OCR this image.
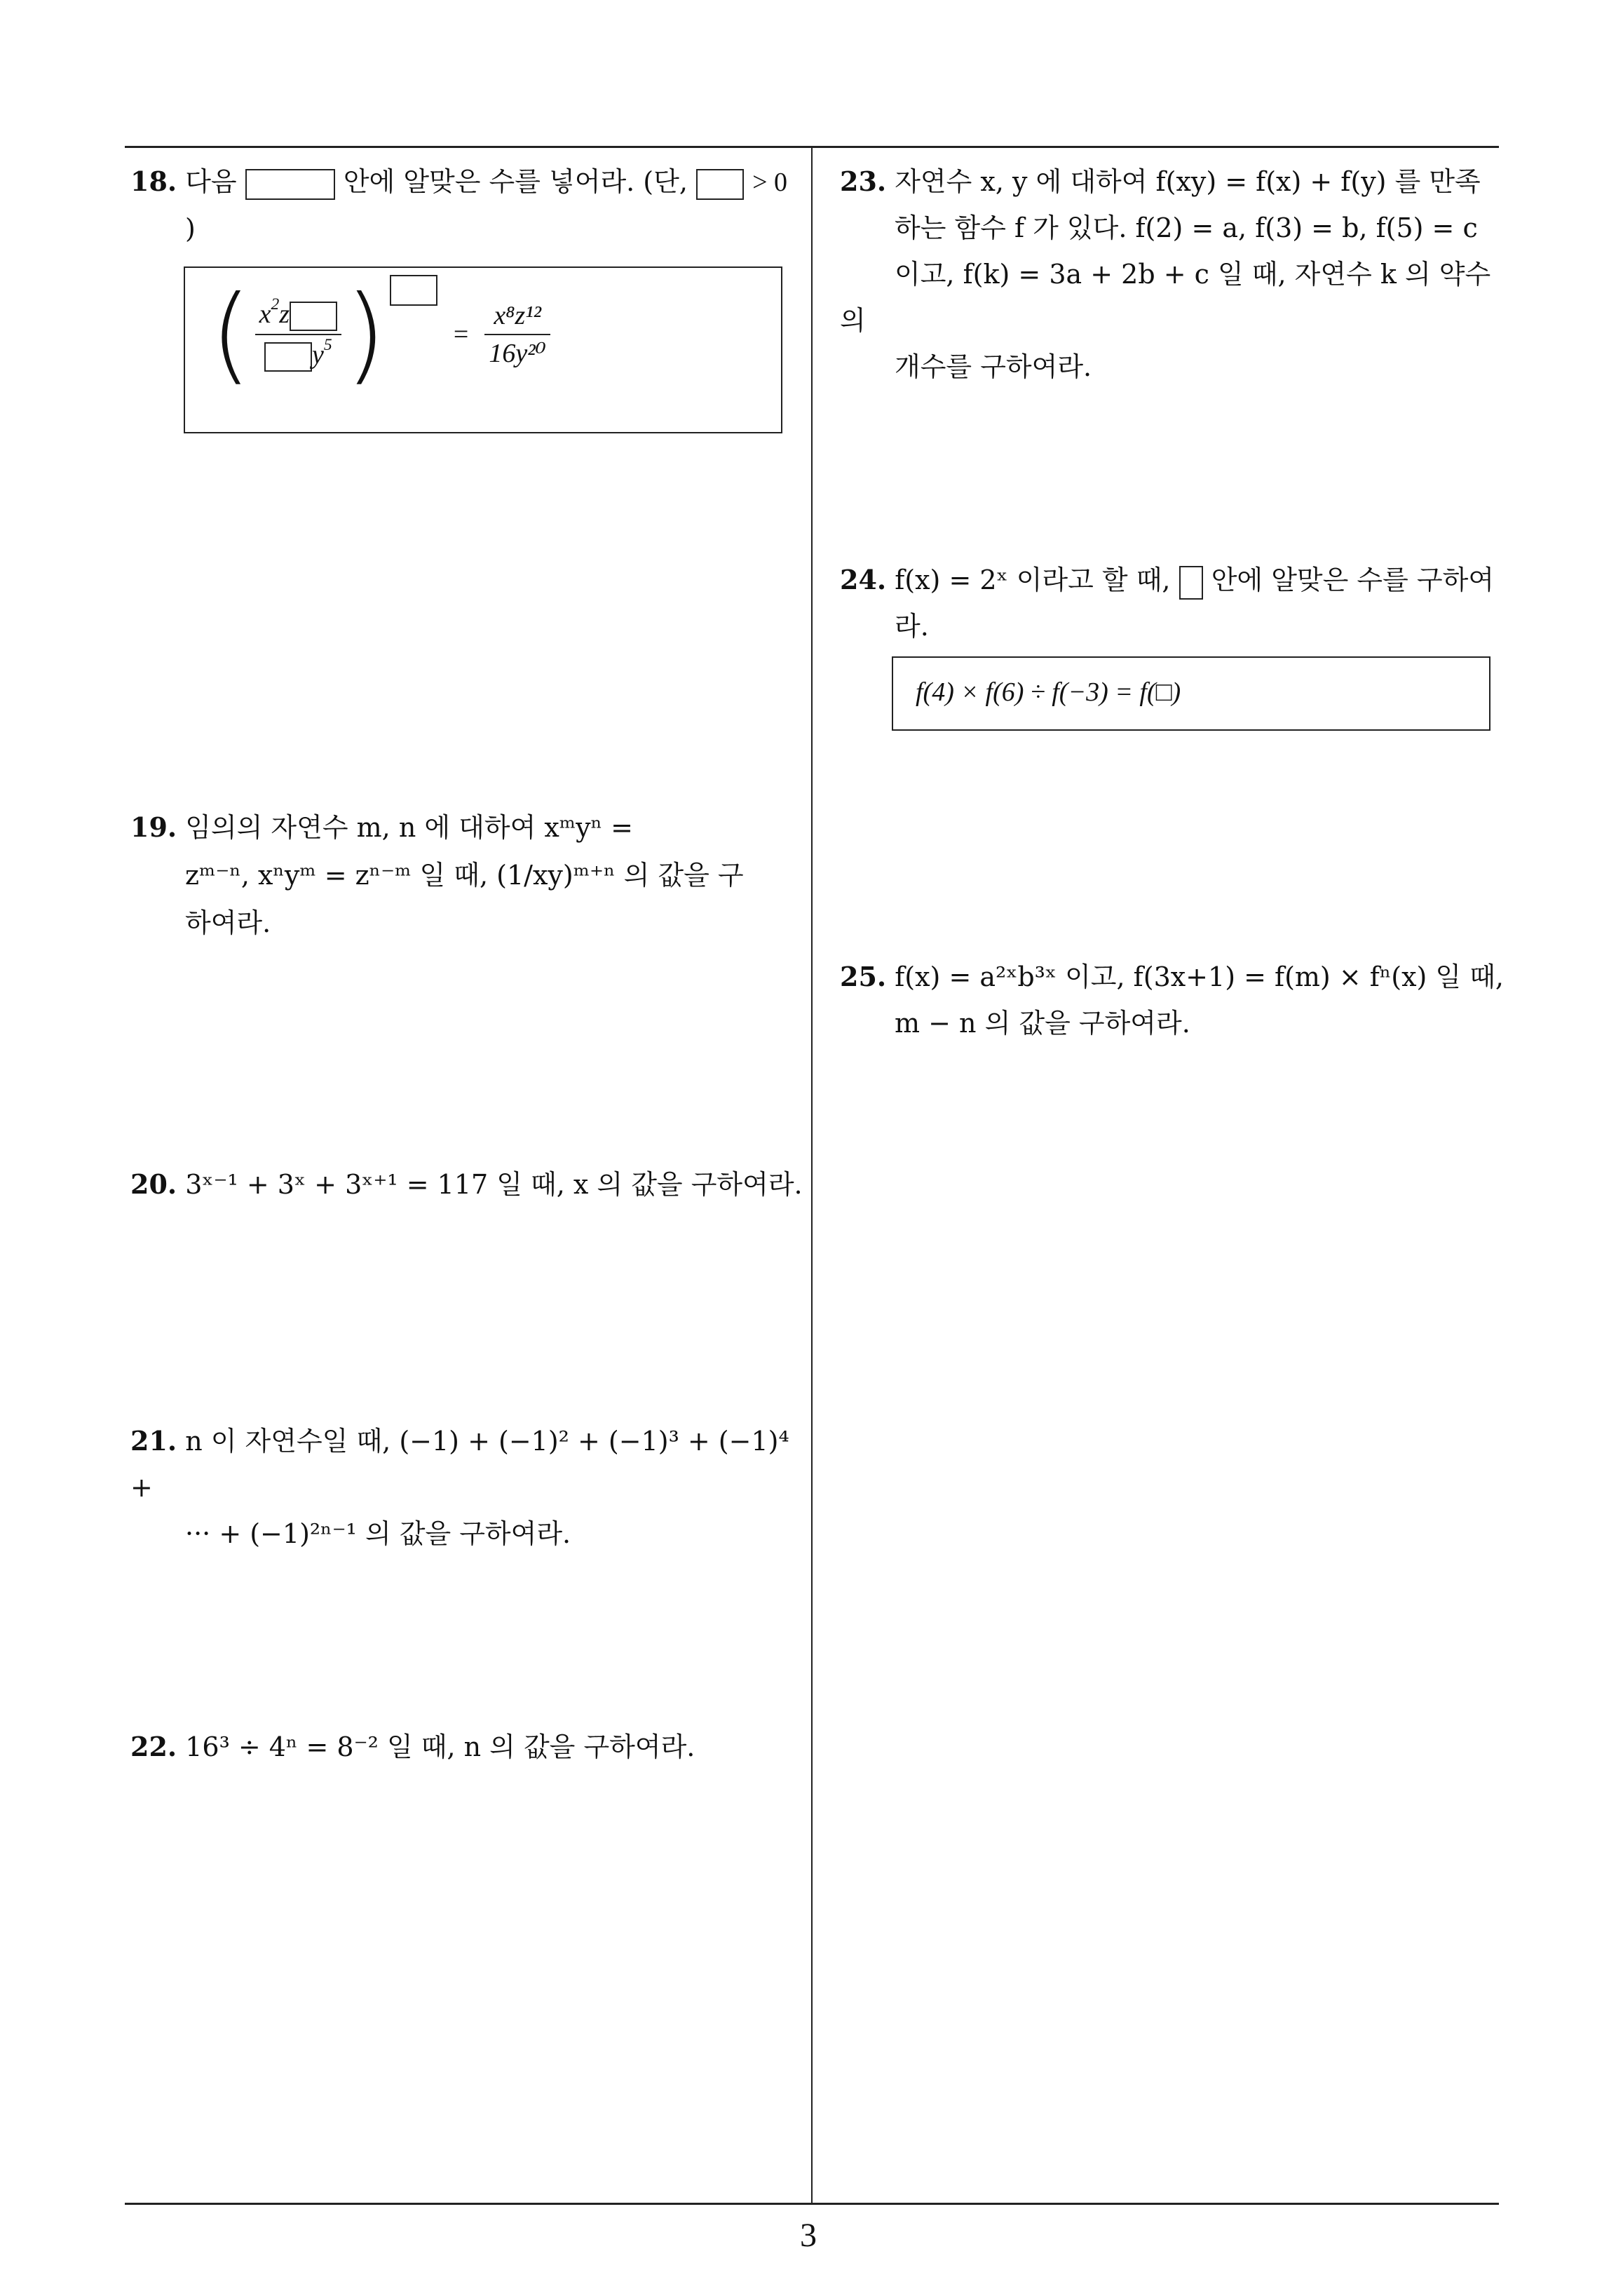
18. 다음	안에 알맞은 수를 넣어라. (단, > 0
)
( $\frac{x^2z}{y^5}$ )	= $\frac{\text{x⁸z¹²}}{\text{16y²⁰}}$
19. 임의의 자연수 m, n 에 대하여 xᵐyⁿ =
zᵐ⁻ⁿ, xⁿyᵐ = zⁿ⁻ᵐ 일 때, (1/xy)ᵐ⁺ⁿ 의 값을 구
하여라.
20. 3ˣ⁻¹ + 3ˣ + 3ˣ⁺¹ = 117 일 때, x 의 값을 구하여라.
21. n 이 자연수일 때, (−1) + (−1)² + (−1)³ + (−1)⁴ +
··· + (−1)²ⁿ⁻¹ 의 값을 구하여라.
22. 16³ ÷ 4ⁿ = 8⁻² 일 때, n 의 값을 구하여라.
23. 자연수 x, y 에 대하여 f(xy) = f(x) + f(y) 를 만족
하는 함수 f 가 있다. f(2) = a, f(3) = b, f(5) = c
이고, f(k) = 3a + 2b + c 일 때, 자연수 k 의 약수의
개수를 구하여라.
24. f(x) = 2ˣ 이라고 할 때, 안에 알맞은 수를 구하여
라.
f(4) × f(6) ÷ f(−3) = f(□)
25. f(x) = a²ˣb³ˣ 이고, f(3x+1) = f(m) × fⁿ(x) 일 때,
m − n 의 값을 구하여라.
3
